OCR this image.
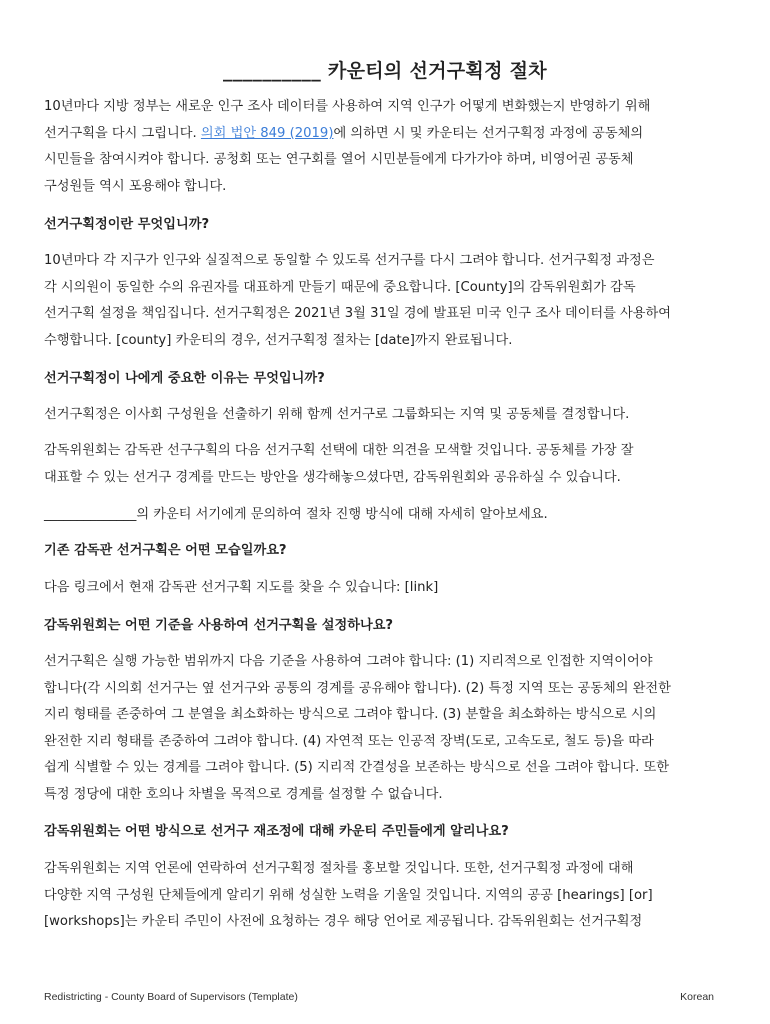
__________ 카운티의 선거구획정 절차
10년마다 지방 정부는 새로운 인구 조사 데이터를 사용하여 지역 인구가 어떻게 변화했는지 반영하기 위해
선거구획을 다시 그립니다. 의회 법안 849 (2019)에 의하면 시 및 카운티는 선거구획정 과정에 공동체의
시민들을 참여시켜야 합니다. 공청회 또는 연구회를 열어 시민분들에게 다가가야 하며, 비영어권 공동체
구성원들 역시 포용해야 합니다.
선거구획정이란 무엇입니까?
10년마다 각 지구가 인구와 실질적으로 동일할 수 있도록 선거구를 다시 그려야 합니다. 선거구획정 과정은
각 시의원이 동일한 수의 유권자를 대표하게 만들기 때문에 중요합니다. [County]의 감독위원회가 감독
선거구획 설정을 책임집니다. 선거구획정은 2021년 3월 31일 경에 발표된 미국 인구 조사 데이터를 사용하여
수행합니다. [county] 카운티의 경우, 선거구획정 절차는 [date]까지 완료됩니다.
선거구획정이 나에게 중요한 이유는 무엇입니까?
선거구획정은 이사회 구성원을 선출하기 위해 함께 선거구로 그룹화되는 지역 및 공동체를 결정합니다.
감독위원회는 감독관 선구구획의 다음 선거구획 선택에 대한 의견을 모색할 것입니다. 공동체를 가장 잘
대표할 수 있는 선거구 경계를 만드는 방안을 생각해놓으셨다면, 감독위원회와 공유하실 수 있습니다.
______________의 카운티 서기에게 문의하여 절차 진행 방식에 대해 자세히 알아보세요.
기존 감독관 선거구획은 어떤 모습일까요?
다음 링크에서 현재 감독관 선거구획 지도를 찾을 수 있습니다: [link]
감독위원회는 어떤 기준을 사용하여 선거구획을 설정하나요?
선거구획은 실행 가능한 범위까지 다음 기준을 사용하여 그려야 합니다: (1) 지리적으로 인접한 지역이어야
합니다(각 시의회 선거구는 옆 선거구와 공통의 경계를 공유해야 합니다). (2) 특정 지역 또는 공동체의 완전한
지리 형태를 존중하여 그 분열을 최소화하는 방식으로 그려야 합니다. (3) 분할을 최소화하는 방식으로 시의
완전한 지리 형태를 존중하여 그려야 합니다. (4) 자연적 또는 인공적 장벽(도로, 고속도로, 철도 등)을 따라
쉽게 식별할 수 있는 경계를 그려야 합니다. (5) 지리적 간결성을 보존하는 방식으로 선을 그려야 합니다. 또한
특정 정당에 대한 호의나 차별을 목적으로 경계를 설정할 수 없습니다.
감독위원회는 어떤 방식으로 선거구 재조정에 대해 카운티 주민들에게 알리나요?
감독위원회는 지역 언론에 연락하여 선거구획정 절차를 홍보할 것입니다. 또한, 선거구획정 과정에 대해
다양한 지역 구성원 단체들에게 알리기 위해 성실한 노력을 기울일 것입니다. 지역의 공공 [hearings] [or]
[workshops]는 카운티 주민이 사전에 요청하는 경우 해당 언어로 제공됩니다. 감독위원회는 선거구획정
Redistricting - County Board of Supervisors (Template)	Korean
